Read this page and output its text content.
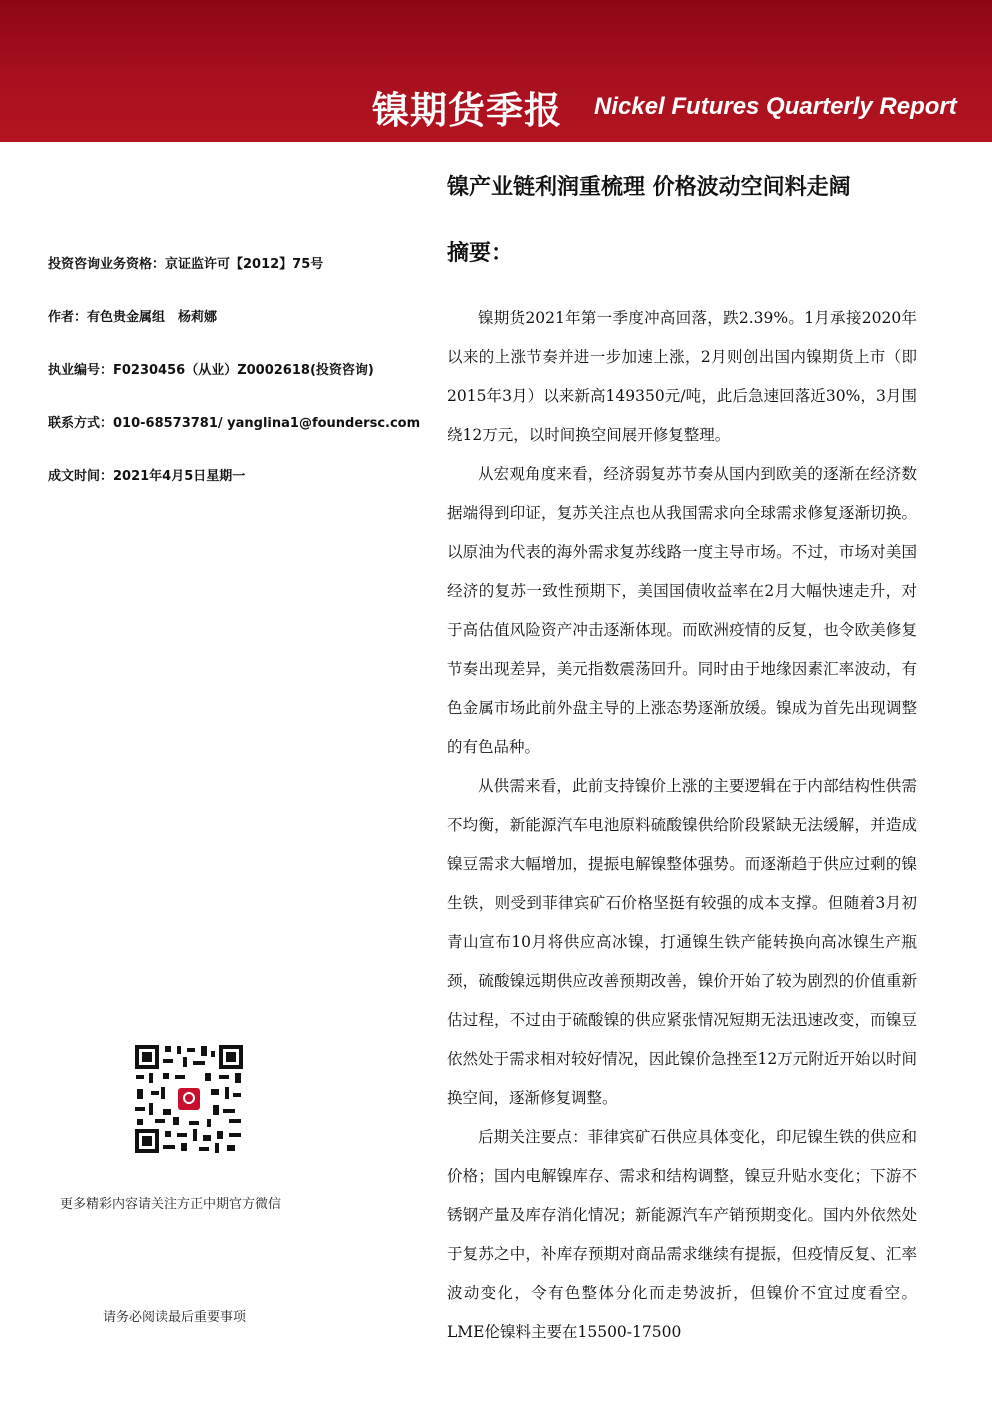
镍期货季报 Nickel Futures Quarterly Report
镍产业链利润重梳理 价格波动空间料走阔
摘要：
投资咨询业务资格：京证监许可【2012】75号
作者：有色贵金属组　杨莉娜
执业编号：F0230456（从业）Z0002618(投资咨询)
联系方式：010-68573781/ yanglina1@foundersc.com
成文时间：2021年4月5日星期一
更多精彩内容请关注方正中期官方微信
请务必阅读最后重要事项

镍期货2021年第一季度冲高回落，跌2.39%。1月承接2020年以来的上涨节奏并进一步加速上涨，2月则创出国内镍期货上市（即2015年3月）以来新高149350元/吨，此后急速回落近30%，3月围绕12万元，以时间换空间展开修复整理。

从宏观角度来看，经济弱复苏节奏从国内到欧美的逐渐在经济数据端得到印证，复苏关注点也从我国需求向全球需求修复逐渐切换。以原油为代表的海外需求复苏线路一度主导市场。不过，市场对美国经济的复苏一致性预期下，美国国债收益率在2月大幅快速走升，对于高估值风险资产冲击逐渐体现。而欧洲疫情的反复，也令欧美修复节奏出现差异，美元指数震荡回升。同时由于地缘因素汇率波动，有色金属市场此前外盘主导的上涨态势逐渐放缓。镍成为首先出现调整的有色品种。

从供需来看，此前支持镍价上涨的主要逻辑在于内部结构性供需不均衡，新能源汽车电池原料硫酸镍供给阶段紧缺无法缓解，并造成镍豆需求大幅增加，提振电解镍整体强势。而逐渐趋于供应过剩的镍生铁，则受到菲律宾矿石价格坚挺有较强的成本支撑。但随着3月初青山宣布10月将供应高冰镍，打通镍生铁产能转换向高冰镍生产瓶颈，硫酸镍远期供应改善预期改善，镍价开始了较为剧烈的价值重新估过程，不过由于硫酸镍的供应紧张情况短期无法迅速改变，而镍豆依然处于需求相对较好情况，因此镍价急挫至12万元附近开始以时间换空间，逐渐修复调整。

后期关注要点：菲律宾矿石供应具体变化，印尼镍生铁的供应和价格；国内电解镍库存、需求和结构调整，镍豆升贴水变化；下游不锈钢产量及库存消化情况；新能源汽车产销预期变化。国内外依然处于复苏之中，补库存预期对商品需求继续有提振，但疫情反复、汇率波动变化，令有色整体分化而走势波折，但镍价不宜过度看空。LME伦镍料主要在15500-17500
